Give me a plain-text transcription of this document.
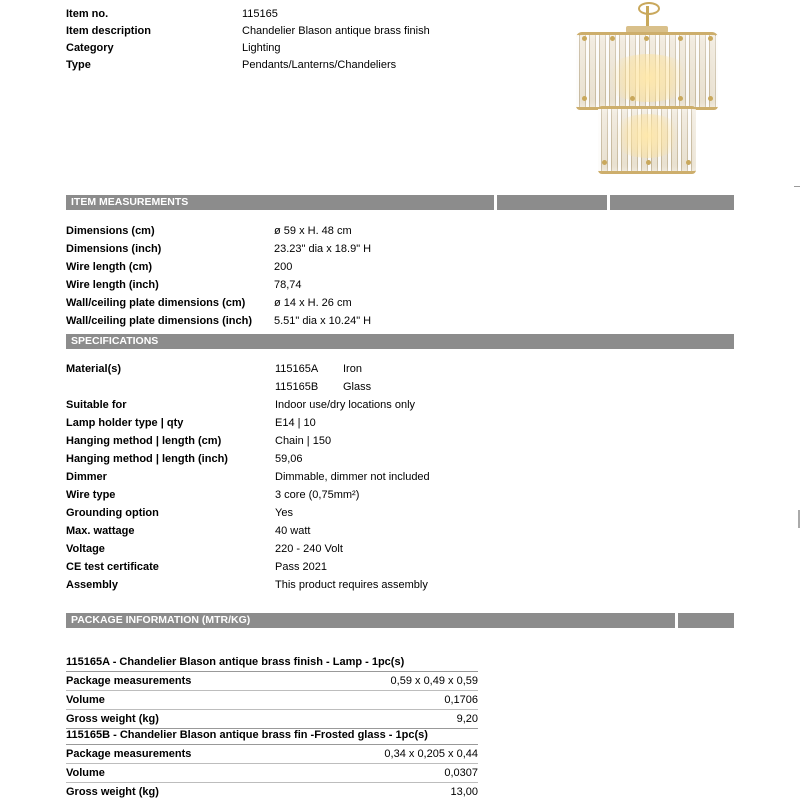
Item no.	115165
Item description	Chandelier Blason antique brass finish
Category	Lighting
Type	Pendants/Lanterns/Chandeliers
ITEM MEASUREMENTS
Dimensions (cm)	ø 59 x H. 48 cm
Dimensions (inch)	23.23" dia x 18.9" H
Wire length (cm)	200
Wire length (inch)	78,74
Wall/ceiling plate dimensions (cm)	ø 14 x H. 26 cm
Wall/ceiling plate dimensions (inch)	5.51" dia x 10.24" H
SPECIFICATIONS
Material(s)	115165A Iron

115165B Glass
Suitable for	Indoor use/dry locations only
Lamp holder type | qty	E14 | 10
Hanging method | length (cm)	Chain | 150
Hanging method | length (inch)	59,06
Dimmer	Dimmable, dimmer not included
Wire type	3 core (0,75mm²)
Grounding option	Yes
Max. wattage	40 watt
Voltage	220 - 240 Volt
CE test certificate	Pass 2021
Assembly	This product requires assembly
PACKAGE INFORMATION (MTR/KG)
115165A - Chandelier Blason antique brass finish - Lamp - 1pc(s)
Package measurements	0,59 x 0,49 x 0,59
Volume	0,1706
Gross weight (kg)	9,20
115165B - Chandelier Blason antique brass fin -Frosted glass - 1pc(s)
Package measurements	0,34 x 0,205 x 0,44
Volume	0,0307
Gross weight (kg)	13,00
